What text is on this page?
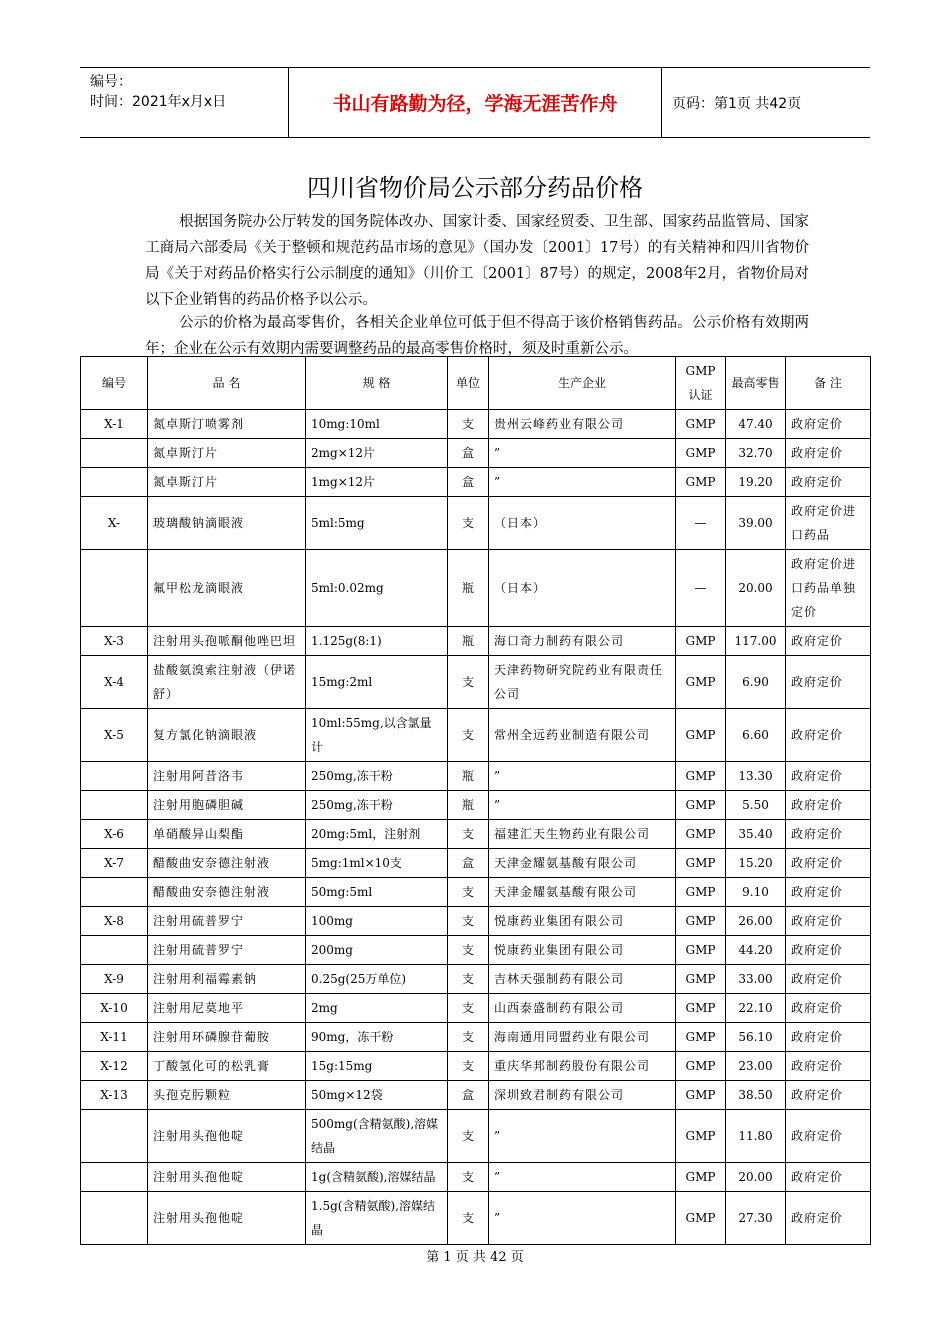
编号：
时间：2021年x月x日	书山有路勤为径，学海无涯苦作舟	页码：第1页 共42页
四川省物价局公示部分药品价格
根据国务院办公厅转发的国务院体改办、国家计委、国家经贸委、卫生部、国家药品监管局、国家工商局六部委局《关于整顿和规范药品市场的意见》（国办发〔2001〕17号）的有关精神和四川省物价局《关于对药品价格实行公示制度的通知》（川价工〔2001〕87号）的规定，2008年2月，省物价局对以下企业销售的药品价格予以公示。
公示的价格为最高零售价，各相关企业单位可低于但不得高于该价格销售药品。公示价格有效期两年；企业在公示有效期内需要调整药品的最高零售价格时，须及时重新公示。
编号	品 名	规 格	单位	生产企业	GMP认证	最高零售	备 注
X-1	氮卓斯汀喷雾剂	10mg:10ml	支	贵州云峰药业有限公司	GMP	47.40	政府定价
	氮卓斯汀片	2mg×12片	盒	”	GMP	32.70	政府定价
	氮卓斯汀片	1mg×12片	盒	”	GMP	19.20	政府定价
X-	玻璃酸钠滴眼液	5ml:5mg	支	（日本）	—	39.00	政府定价进口药品
	氟甲松龙滴眼液	5ml:0.02mg	瓶	（日本）	—	20.00	政府定价进口药品单独定价
X-3	注射用头孢哌酮他唑巴坦	1.125g(8:1)	瓶	海口奇力制药有限公司	GMP	117.00	政府定价
X-4	盐酸氨溴索注射液（伊诺舒）	15mg:2ml	支	天津药物研究院药业有限责任公司	GMP	6.90	政府定价
X-5	复方氯化钠滴眼液	10ml:55mg,以含氯量计	支	常州全远药业制造有限公司	GMP	6.60	政府定价
	注射用阿昔洛韦	250mg,冻干粉	瓶	”	GMP	13.30	政府定价
	注射用胞磷胆碱	250mg,冻干粉	瓶	”	GMP	5.50	政府定价
X-6	单硝酸异山梨酯	20mg:5ml，注射剂	支	福建汇天生物药业有限公司	GMP	35.40	政府定价
X-7	醋酸曲安奈德注射液	5mg:1ml×10支	盒	天津金耀氨基酸有限公司	GMP	15.20	政府定价
	醋酸曲安奈德注射液	50mg:5ml	支	天津金耀氨基酸有限公司	GMP	9.10	政府定价
X-8	注射用硫普罗宁	100mg	支	悦康药业集团有限公司	GMP	26.00	政府定价
	注射用硫普罗宁	200mg	支	悦康药业集团有限公司	GMP	44.20	政府定价
X-9	注射用利福霉素钠	0.25g(25万单位)	支	吉林天强制药有限公司	GMP	33.00	政府定价
X-10	注射用尼莫地平	2mg	支	山西泰盛制药有限公司	GMP	22.10	政府定价
X-11	注射用环磷腺苷葡胺	90mg，冻干粉	支	海南通用同盟药业有限公司	GMP	56.10	政府定价
X-12	丁酸氢化可的松乳膏	15g:15mg	支	重庆华邦制药股份有限公司	GMP	23.00	政府定价
X-13	头孢克肟颗粒	50mg×12袋	盒	深圳致君制药有限公司	GMP	38.50	政府定价
	注射用头孢他啶	500mg(含精氨酸),溶媒结晶	支	”	GMP	11.80	政府定价
	注射用头孢他啶	1g(含精氨酸),溶媒结晶	支	”	GMP	20.00	政府定价
	注射用头孢他啶	1.5g(含精氨酸),溶媒结晶	支	”	GMP	27.30	政府定价
第 1 页 共 42 页
